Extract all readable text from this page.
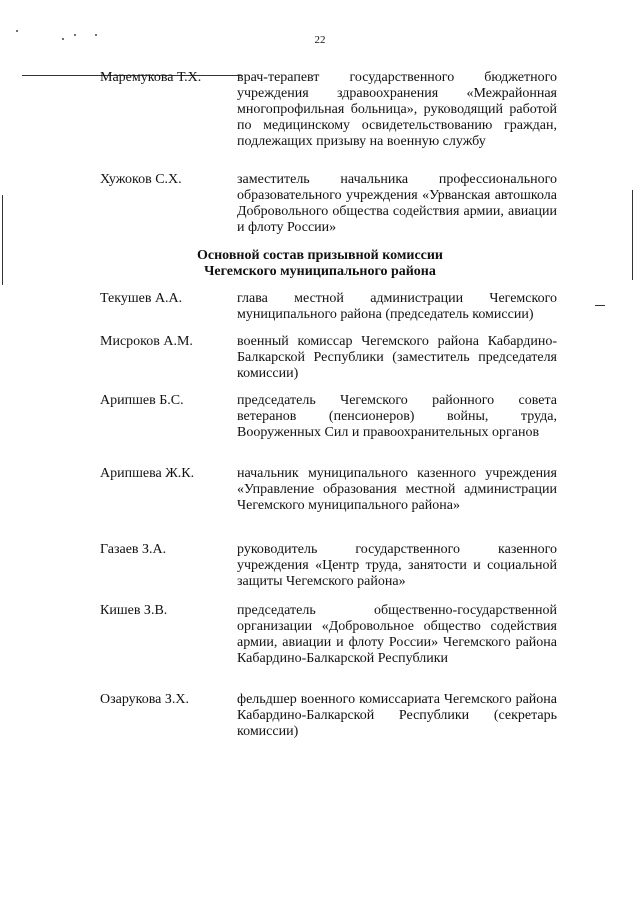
22
Маремукова Т.Х.	врач-терапевт государственного бюджетного учреждения здравоохранения «Межрайонная многопрофильная больница», руководящий работой по медицинскому освидетельствованию граждан, подлежащих призыву на военную службу
Хужоков С.Х.	заместитель начальника профессионального образовательного учреждения «Урванская автошкола Добровольного общества содействия армии, авиации и флоту России»
Основной состав призывной комиссии
Чегемского муниципального района
Текушев А.А.	глава местной администрации Чегемского муниципального района (председатель комиссии)
Мисроков А.М.	военный комиссар Чегемского района Кабардино-Балкарской Республики (заместитель председателя комиссии)
Арипшев Б.С.	председатель Чегемского районного совета ветеранов (пенсионеров) войны, труда, Вооруженных Сил и правоохранительных органов
Арипшева Ж.К.	начальник муниципального казенного учреждения «Управление образования местной администрации Чегемского муниципального района»
Газаев З.А.	руководитель государственного казенного учреждения «Центр труда, занятости и социальной защиты Чегемского района»
Кишев З.В.	председатель общественно-государственной организации «Добровольное общество содействия армии, авиации и флоту России» Чегемского района Кабардино-Балкарской Республики
Озарукова З.Х.	фельдшер военного комиссариата Чегемского района Кабардино-Балкарской Республики (секретарь комиссии)
